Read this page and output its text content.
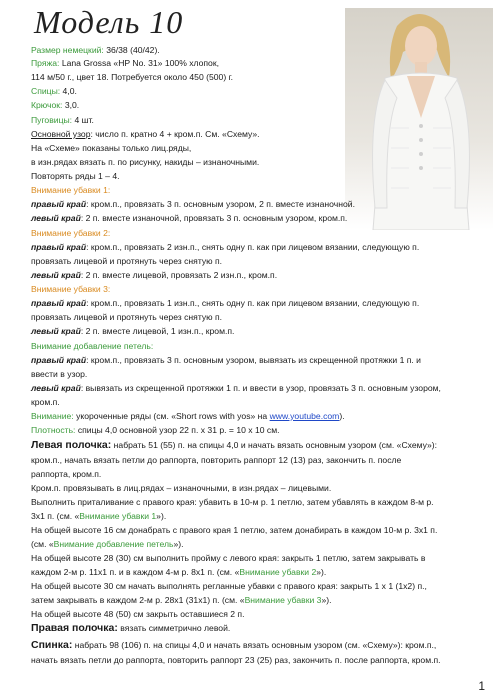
Модель 10
Размер немецкий: 36/38 (40/42).
Пряжа: Lana Grossa «HP No. 31» 100% хлопок,
114 м/50 г., цвет 18. Потребуется около 450 (500) г.
Спицы: 4,0.
Крючок: 3,0.
Пуговицы: 4 шт.
Основной узор: число п. кратно 4 + кром.п. См. «Схему».
На «Схеме» показаны только лиц.ряды,
в изн.рядах вязать п. по рисунку, накиды – изнаночными.
Повторять ряды 1 – 4.
Внимание убавки 1:
правый край: кром.п., провязать 3 п. основным узором, 2 п. вместе изнаночной.
левый край: 2 п. вместе изнаночной, провязать 3 п. основным узором, кром.п.
Внимание убавки 2:
правый край: кром.п., провязать 2 изн.п., снять одну п. как при лицевом вязании, следующую п.
провязать лицевой и протянуть через снятую п.
левый край: 2 п. вместе лицевой, провязать 2 изн.п., кром.п.
Внимание убавки 3:
правый край: кром.п., провязать 1 изн.п., снять одну п. как при лицевом вязании, следующую п.
провязать лицевой и протянуть через снятую п.
левый край: 2 п. вместе лицевой, 1 изн.п., кром.п.
Внимание добавление петель:
правый край: кром.п., провязать 3 п. основным узором, вывязать из скрещенной протяжки 1 п. и
ввести в узор.
левый край: вывязать из скрещенной протяжки 1 п. и ввести в узор, провязать 3 п. основным узором,
кром.п.
Внимание: укороченные ряды (см. «Short rows with yos» на www.youtube.com).
Плотность: спицы 4,0 основной узор 22 п. х 31 р. = 10 х 10 см.
Левая полочка: набрать 51 (55) п. на спицы 4,0 и начать вязать основным узором (см. «Схему»):
кром.п., начать вязать петли до раппорта, повторить раппорт 12 (13) раз, закончить п. после
раппорта, кром.п.
Кром.п. провязывать в лиц.рядах – изнаночными, в изн.рядах – лицевыми.
Выполнить приталивание с правого края: убавить в 10-м р. 1 петлю, затем убавлять в каждом 8-м р.
3х1 п. (см. «Внимание убавки 1»).
На общей высоте 16 см донабрать с правого края 1 петлю, затем донабирать в каждом 10-м р. 3х1 п.
(см. «Внимание добавление петель»).
На общей высоте 28 (30) см выполнить пройму с левого края: закрыть 1 петлю, затем закрывать в
каждом 2-м р. 11х1 п. и в каждом 4-м р. 8х1 п. (см. «Внимание убавки 2»).
На общей высоте 30 см начать выполнять регланные убавки с правого края: закрыть 1 х 1 (1х2) п.,
затем закрывать в каждом 2-м р. 28х1 (31х1) п. (см. «Внимание убавки 3»).
На общей высоте 48 (50) см закрыть оставшиеся 2 п.
Правая полочка: вязать симметрично левой.
Спинка: набрать 98 (106) п. на спицы 4,0 и начать вязать основным узором (см. «Схему»): кром.п.,
начать вязать петли до раппорта, повторить раппорт 23 (25) раз, закончить п. после раппорта, кром.п.
1
